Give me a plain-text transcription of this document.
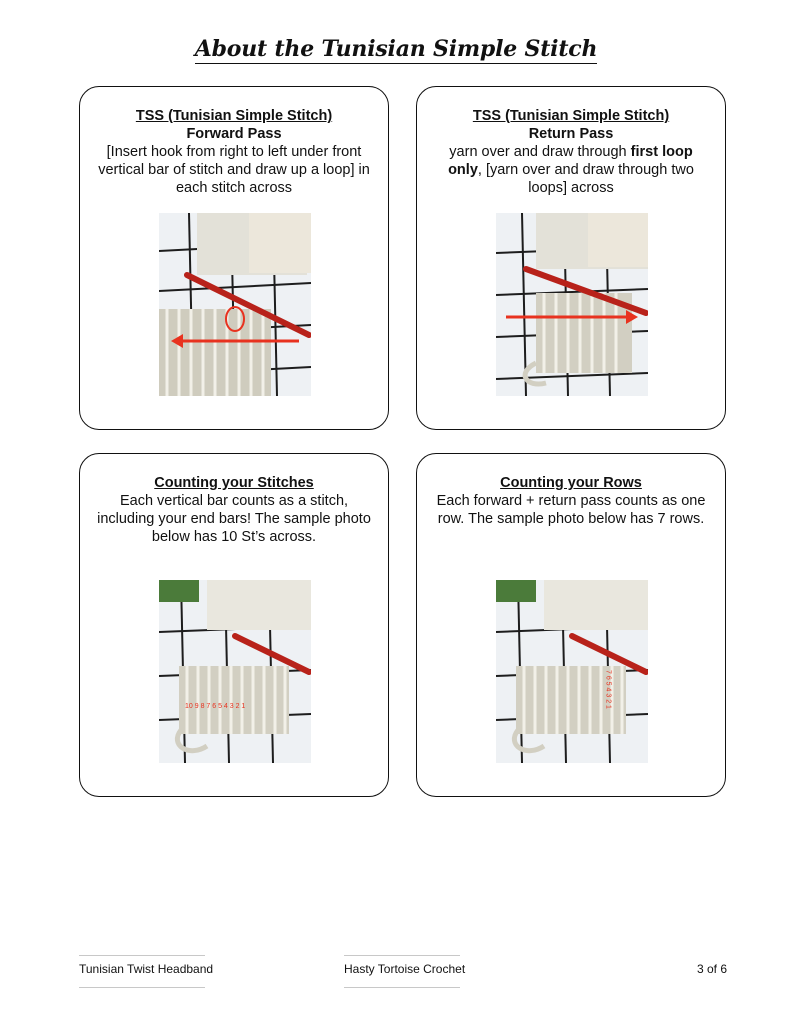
About the Tunisian Simple Stitch
TSS (Tunisian Simple Stitch)
Forward Pass
[Insert hook from right to left under front vertical bar of stitch and draw up a loop] in each stitch across
TSS (Tunisian Simple Stitch)
Return Pass
yarn over and draw through first loop only, [yarn over and draw through two loops] across
Counting your Stitches
Each vertical bar counts as a stitch, including your end bars! The sample photo below has 10 St’s across.
10 9 8 7 6 5 4 3 2 1
Counting your Rows
Each forward + return pass counts as one row. The sample photo below has 7 rows.
7 6 5 4 3 2 1
Tunisian Twist Headband	Hasty Tortoise Crochet	3 of 6
